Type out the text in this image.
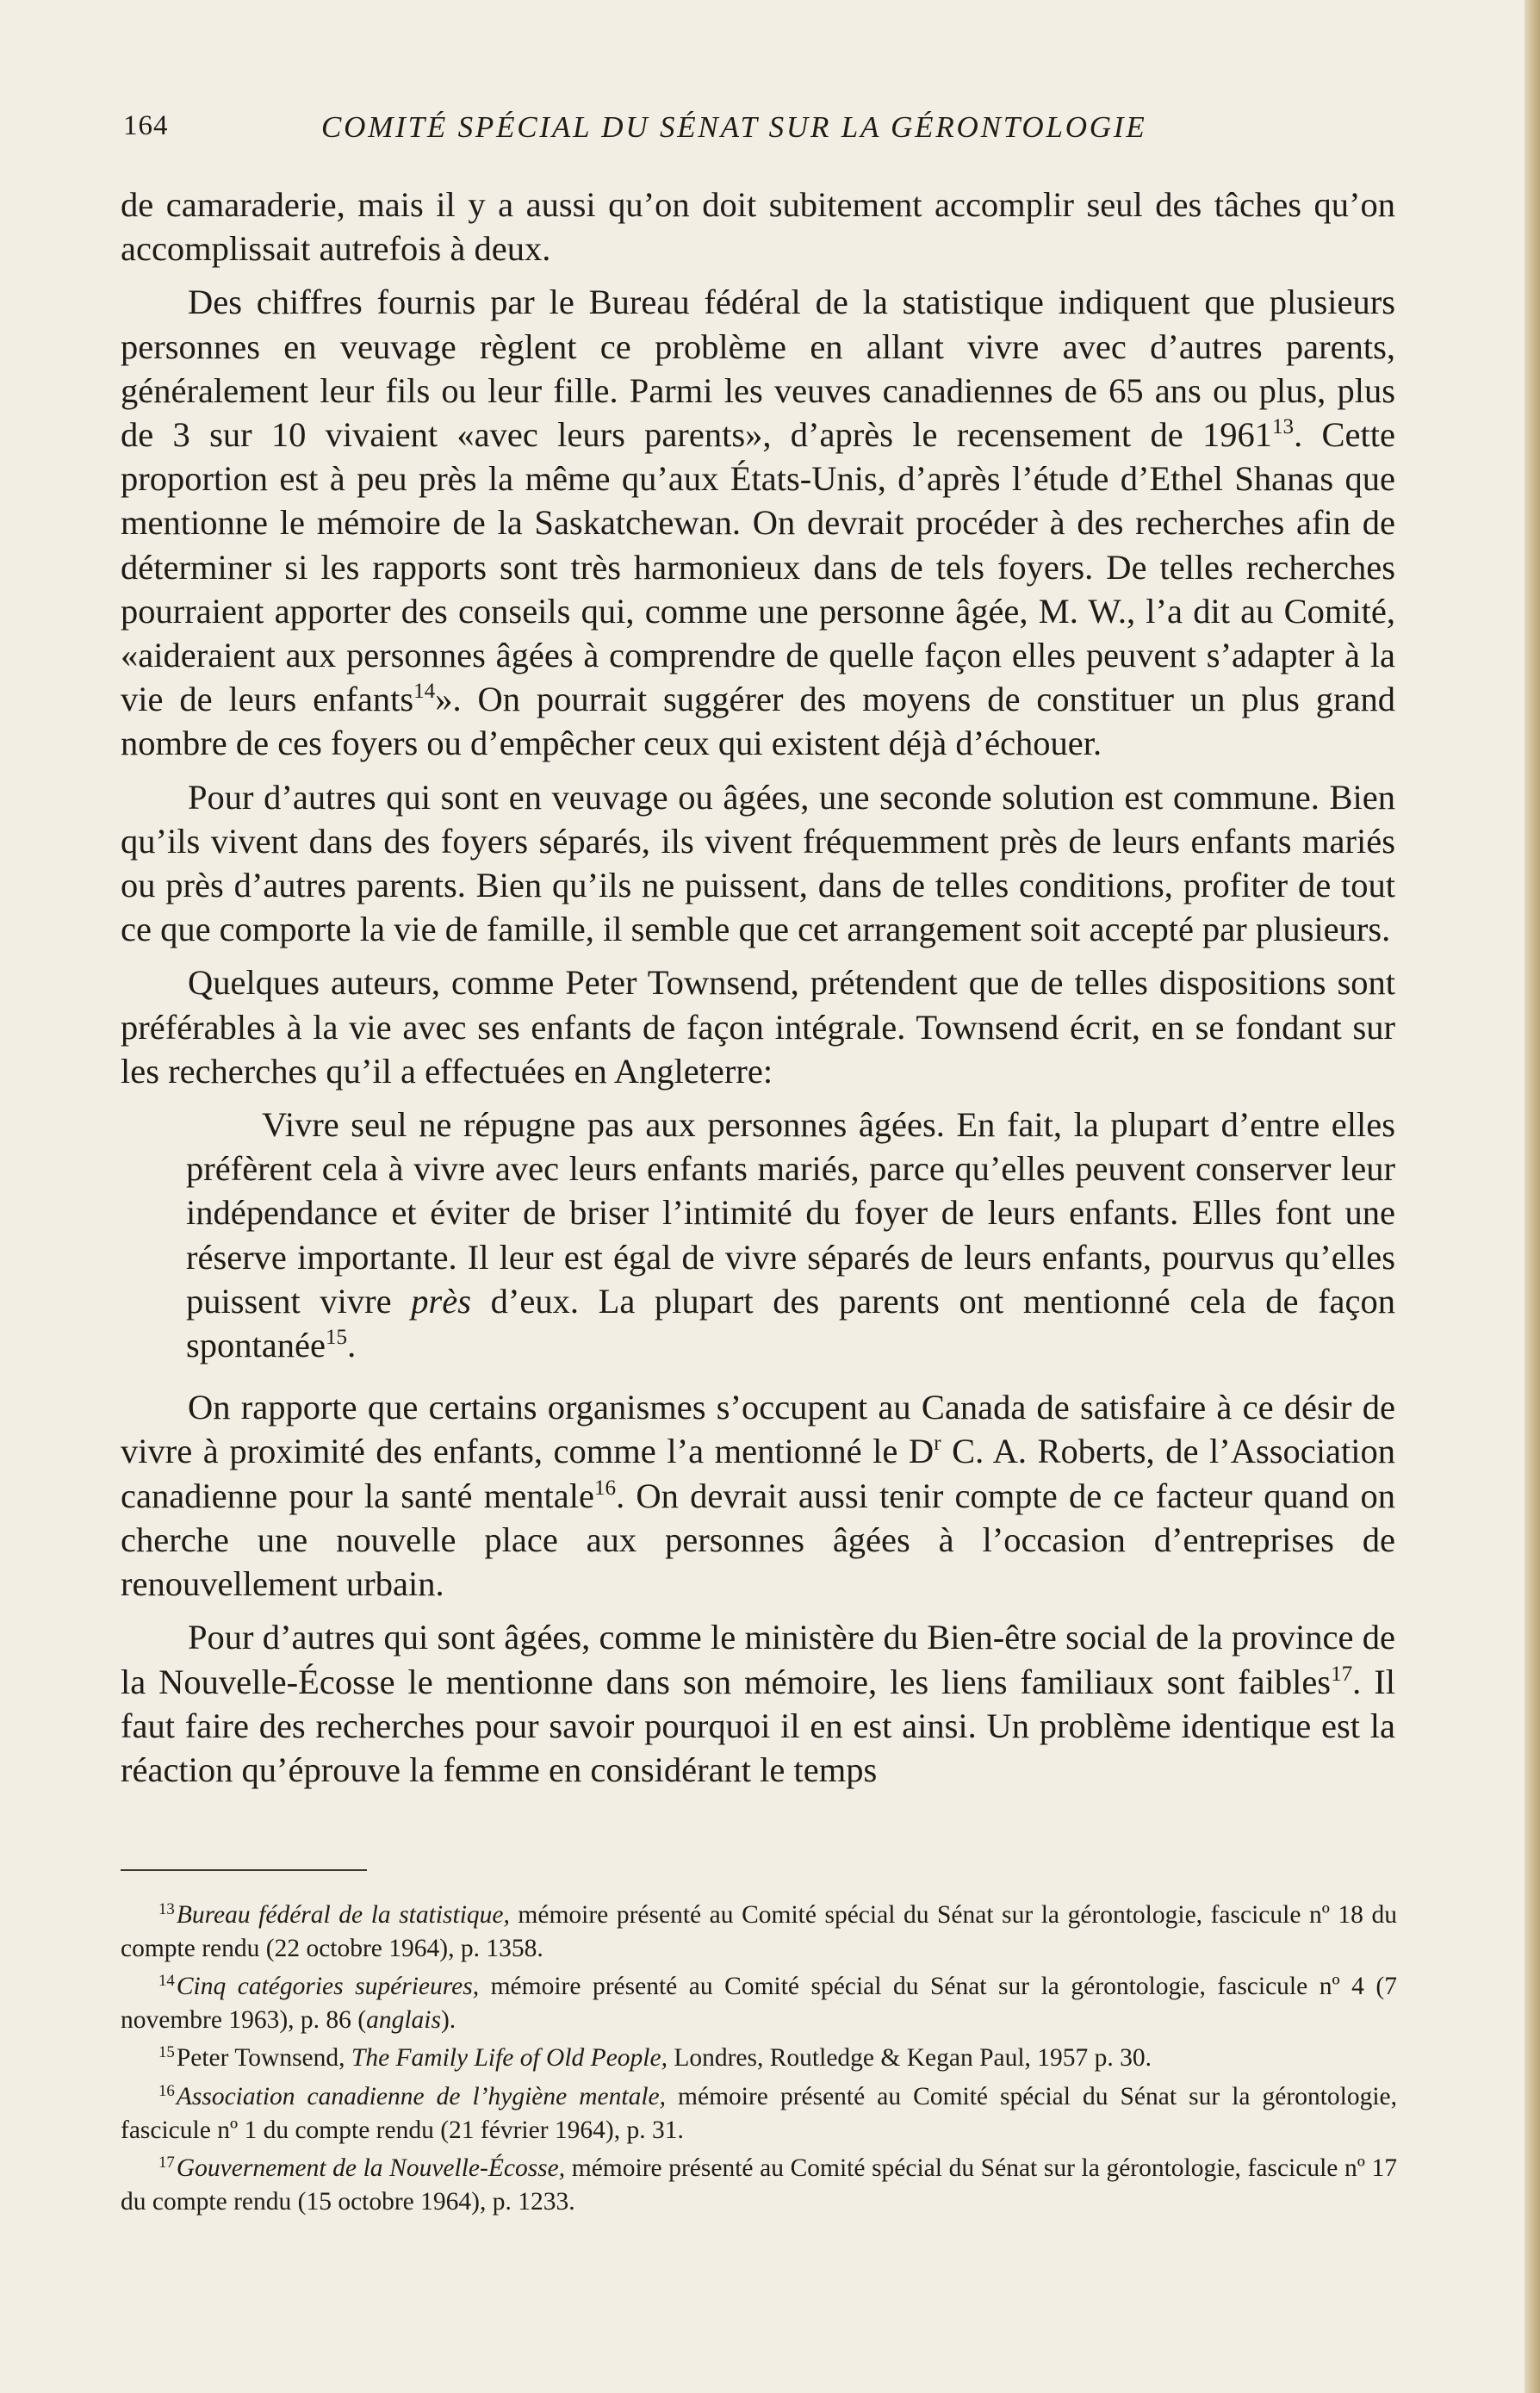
164	COMITÉ SPÉCIAL DU SÉNAT SUR LA GÉRONTOLOGIE

de camaraderie, mais il y a aussi qu’on doit subitement accomplir seul des tâches qu’on accomplissait autrefois à deux.

Des chiffres fournis par le Bureau fédéral de la statistique indiquent que plusieurs personnes en veuvage règlent ce problème en allant vivre avec d’autres parents, généralement leur fils ou leur fille. Parmi les veuves canadiennes de 65 ans ou plus, plus de 3 sur 10 vivaient «avec leurs parents», d’après le recensement de 1961$^{13}$. Cette proportion est à peu près la même qu’aux États-Unis, d’après l’étude d’Ethel Shanas que mentionne le mémoire de la Saskatchewan. On devrait procéder à des recherches afin de déterminer si les rapports sont très harmonieux dans de tels foyers. De telles recherches pourraient apporter des conseils qui, comme une personne âgée, M. W., l’a dit au Comité, «aideraient aux personnes âgées à comprendre de quelle façon elles peuvent s’adapter à la vie de leurs enfants$^{14}$». On pourrait suggérer des moyens de constituer un plus grand nombre de ces foyers ou d’empêcher ceux qui existent déjà d’échouer.

Pour d’autres qui sont en veuvage ou âgées, une seconde solution est commune. Bien qu’ils vivent dans des foyers séparés, ils vivent fréquemment près de leurs enfants mariés ou près d’autres parents. Bien qu’ils ne puissent, dans de telles conditions, profiter de tout ce que comporte la vie de famille, il semble que cet arrangement soit accepté par plusieurs.

Quelques auteurs, comme Peter Townsend, prétendent que de telles dispositions sont préférables à la vie avec ses enfants de façon intégrale. Townsend écrit, en se fondant sur les recherches qu’il a effectuées en Angleterre:

Vivre seul ne répugne pas aux personnes âgées. En fait, la plupart d’entre elles préfèrent cela à vivre avec leurs enfants mariés, parce qu’elles peuvent conserver leur indépendance et éviter de briser l’intimité du foyer de leurs enfants. Elles font une réserve importante. Il leur est égal de vivre séparés de leurs enfants, pourvus qu’elles puissent vivre près d’eux. La plupart des parents ont mentionné cela de façon spontanée$^{15}$.

On rapporte que certains organismes s’occupent au Canada de satisfaire à ce désir de vivre à proximité des enfants, comme l’a mentionné le $D^r$ C. A. Roberts, de l’Association canadienne pour la santé mentale$^{16}$. On devrait aussi tenir compte de ce facteur quand on cherche une nouvelle place aux personnes âgées à l’occasion d’entreprises de renouvellement urbain.

Pour d’autres qui sont âgées, comme le ministère du Bien-être social de la province de la Nouvelle-Écosse le mentionne dans son mémoire, les liens familiaux sont faibles$^{17}$. Il faut faire des recherches pour savoir pourquoi il en est ainsi. Un problème identique est la réaction qu’éprouve la femme en considérant le temps

$^{13}$Bureau fédéral de la statistique, mémoire présenté au Comité spécial du Sénat sur la gérontologie, fascicule nº 18 du compte rendu (22 octobre 1964), p. 1358.

$^{14}$Cinq catégories supérieures, mémoire présenté au Comité spécial du Sénat sur la gérontologie, fascicule nº 4 (7 novembre 1963), p. 86 (anglais).

$^{15}$Peter Townsend, The Family Life of Old People, Londres, Routledge & Kegan Paul, 1957 p. 30.

$^{16}$Association canadienne de l’hygiène mentale, mémoire présenté au Comité spécial du Sénat sur la gérontologie, fascicule nº 1 du compte rendu (21 février 1964), p. 31.

$^{17}$Gouvernement de la Nouvelle-Écosse, mémoire présenté au Comité spécial du Sénat sur la gérontologie, fascicule nº 17 du compte rendu (15 octobre 1964), p. 1233.
